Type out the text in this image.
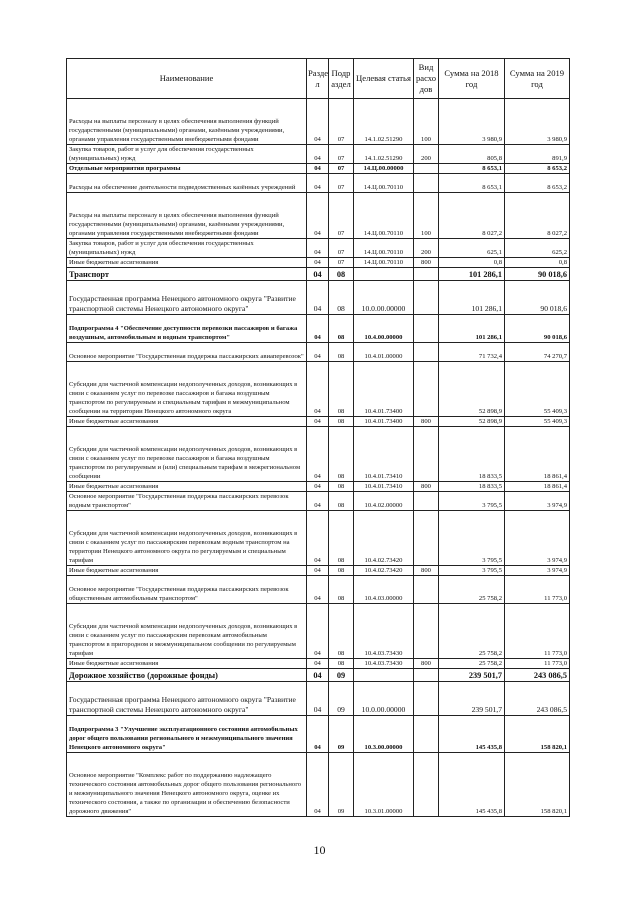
Наименование	Разде л	Подр аздел	Целевая статья	Вид расхо дов	Сумма на 2018 год	Сумма на 2019 год
Расходы на выплаты персоналу в целях обеспечения выполнения функций государственными (муниципальными) органами, казёнными учреждениями, органами управления государственными внебюджетными фондами	04	07	14.1.02.51290	100	3 980,9	3 980,9
Закупка товаров, работ и услуг для обеспечения государственных (муниципальных) нужд	04	07	14.1.02.51290	200	805,8	891,9
Отдельные мероприятия программы	04	07	14.Ц.00.00000		8 653,1	8 653,2
Расходы на обеспечение деятельности подведомственных казённых учреждений	04	07	14.Ц.00.70110		8 653,1	8 653,2
Расходы на выплаты персоналу в целях обеспечения выполнения функций государственными (муниципальными) органами, казёнными учреждениями, органами управления государственными внебюджетными фондами	04	07	14.Ц.00.70110	100	8 027,2	8 027,2
Закупка товаров, работ и услуг для обеспечения государственных (муниципальных) нужд	04	07	14.Ц.00.70110	200	625,1	625,2
Иные бюджетные ассигнования	04	07	14.Ц.00.70110	800	0,8	0,8
Транспорт	04	08			101 286,1	90 018,6
Государственная программа Ненецкого автономного округа "Развитие транспортной системы Ненецкого автономного округа"	04	08	10.0.00.00000		101 286,1	90 018,6
Подпрограмма 4 "Обеспечение доступности перевозки пассажиров и багажа воздушным, автомобильным и водным транспортом"	04	08	10.4.00.00000		101 286,1	90 018,6
Основное мероприятие "Государственная поддержка пассажирских авиаперевозок"	04	08	10.4.01.00000		71 732,4	74 270,7
Субсидии для частичной компенсации недополученных доходов, возникающих в связи с оказанием услуг по перевозке пассажиров и багажа воздушным транспортом по регулируемым и специальным тарифам в межмуниципальном сообщении на территории Ненецкого автономного округа	04	08	10.4.01.73400		52 898,9	55 409,3
Иные бюджетные ассигнования	04	08	10.4.01.73400	800	52 898,9	55 409,3
Субсидии для частичной компенсации недополученных доходов, возникающих в связи с оказанием услуг по перевозке пассажиров и багажа воздушным транспортом по регулируемым и (или) специальным тарифам в межрегиональном сообщении	04	08	10.4.01.73410		18 833,5	18 861,4
Иные бюджетные ассигнования	04	08	10.4.01.73410	800	18 833,5	18 861,4
Основное мероприятие "Государственная поддержка пассажирских перевозок водным транспортом"	04	08	10.4.02.00000		3 795,5	3 974,9
Субсидии для частичной компенсации недополученных доходов, возникающих в связи с оказанием услуг по пассажирским перевозкам водным транспортом на территории Ненецкого автономного округа по регулируемым и специальным тарифам	04	08	10.4.02.73420		3 795,5	3 974,9
Иные бюджетные ассигнования	04	08	10.4.02.73420	800	3 795,5	3 974,9
Основное мероприятие "Государственная поддержка пассажирских перевозок общественным автомобильным транспортом"	04	08	10.4.03.00000		25 758,2	11 773,0
Субсидии для частичной компенсации недополученных доходов, возникающих в связи с оказанием услуг по пассажирским перевозкам автомобильным транспортом в пригородном и межмуниципальном сообщении по регулируемым тарифам	04	08	10.4.03.73430		25 758,2	11 773,0
Иные бюджетные ассигнования	04	08	10.4.03.73430	800	25 758,2	11 773,0
Дорожное хозяйство (дорожные фонды)	04	09			239 501,7	243 086,5
Государственная программа Ненецкого автономного округа "Развитие транспортной системы Ненецкого автономного округа"	04	09	10.0.00.00000		239 501,7	243 086,5
Подпрограмма 3 "Улучшение эксплуатационного состояния автомобильных дорог общего пользования регионального и межмуниципального значения Ненецкого автономного округа"	04	09	10.3.00.00000		145 435,8	158 820,1
Основное мероприятие "Комплекс работ по поддержанию надлежащего технического состояния автомобильных дорог общего пользования регионального и межмуниципального значения Ненецкого автономного округа, оценке их технического состояния, а также по организации и обеспечению безопасности дорожного движения"	04	09	10.3.01.00000		145 435,8	158 820,1
10
